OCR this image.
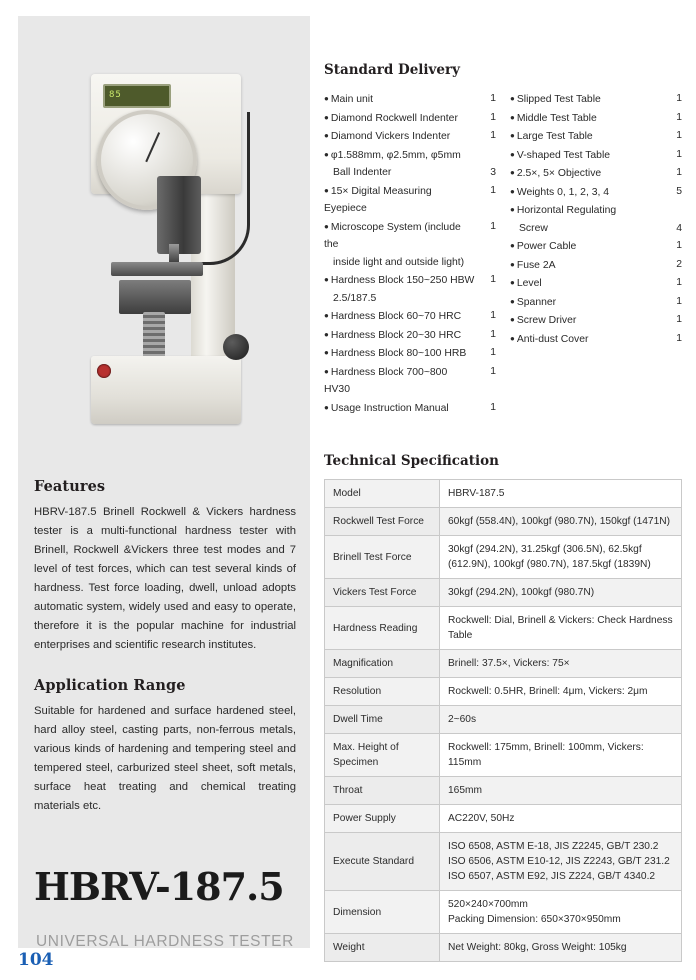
85
Features

HBRV-187.5 Brinell Rockwell & Vickers hardness tester is a multi-functional hardness tester with Brinell, Rockwell &Vickers three test modes and 7 level of test forces, which can test several kinds of hardness. Test force loading, dwell, unload adopts automatic system, widely used and easy to operate, therefore it is the popular machine for industrial enterprises and scientific research institutes.

Application Range

Suitable for hardened and surface hardened steel, hard alloy steel, casting parts, non-ferrous metals, various kinds of hardening and tempering steel and tempered steel, carburized steel sheet, soft metals, surface heat treating and chemical treating materials etc.

HBRV-187.5
UNIVERSAL HARDNESS TESTER
104
Standard Delivery
● Main unit	1
● Diamond Rockwell Indenter	1
● Diamond Vickers Indenter	1
● φ1.588mm, φ2.5mm, φ5mm
Ball Indenter	3
● 15× Digital Measuring Eyepiece
1
● Microscope System (include the
1
inside light and outside light)
● Hardness Block 150~250 HBW	1
2.5/187.5
● Hardness Block 60~70 HRC	1
● Hardness Block 20~30 HRC	1
● Hardness Block 80~100 HRB	1
● Hardness Block 700~800 HV30
1
● Usage Instruction Manual	1
● Slipped Test Table	1
● Middle Test Table	1
● Large Test Table	1
● V-shaped Test Table	1
● 2.5×, 5× Objective	1
● Weights 0, 1, 2, 3, 4	5
● Horizontal Regulating
Screw	4
● Power Cable	1
● Fuse 2A	2
● Level	1
● Spanner	1
● Screw Driver	1
● Anti-dust Cover	1
Technical Specification
Model	HBRV-187.5
Rockwell Test Force	60kgf (558.4N), 100kgf (980.7N), 150kgf (1471N)
Brinell Test Force	30kgf (294.2N), 31.25kgf (306.5N), 62.5kgf (612.9N), 100kgf (980.7N), 187.5kgf (1839N)
Vickers Test Force	30kgf (294.2N), 100kgf (980.7N)
Hardness Reading	Rockwell: Dial, Brinell & Vickers: Check Hardness Table
Magnification	Brinell: 37.5×, Vickers: 75×
Resolution	Rockwell: 0.5HR, Brinell: 4μm, Vickers: 2μm
Dwell Time	2~60s
Max. Height of Specimen	Rockwell: 175mm, Brinell: 100mm, Vickers: 115mm
Throat	165mm
Power Supply	AC220V, 50Hz
Execute Standard	ISO 6508, ASTM E-18, JIS Z2245, GB/T 230.2
ISO 6506, ASTM E10-12, JIS Z2243, GB/T 231.2
ISO 6507, ASTM E92, JIS Z224, GB/T 4340.2
Dimension	520×240×700mm
Packing Dimension: 650×370×950mm
Weight	Net Weight: 80kg, Gross Weight: 105kg
